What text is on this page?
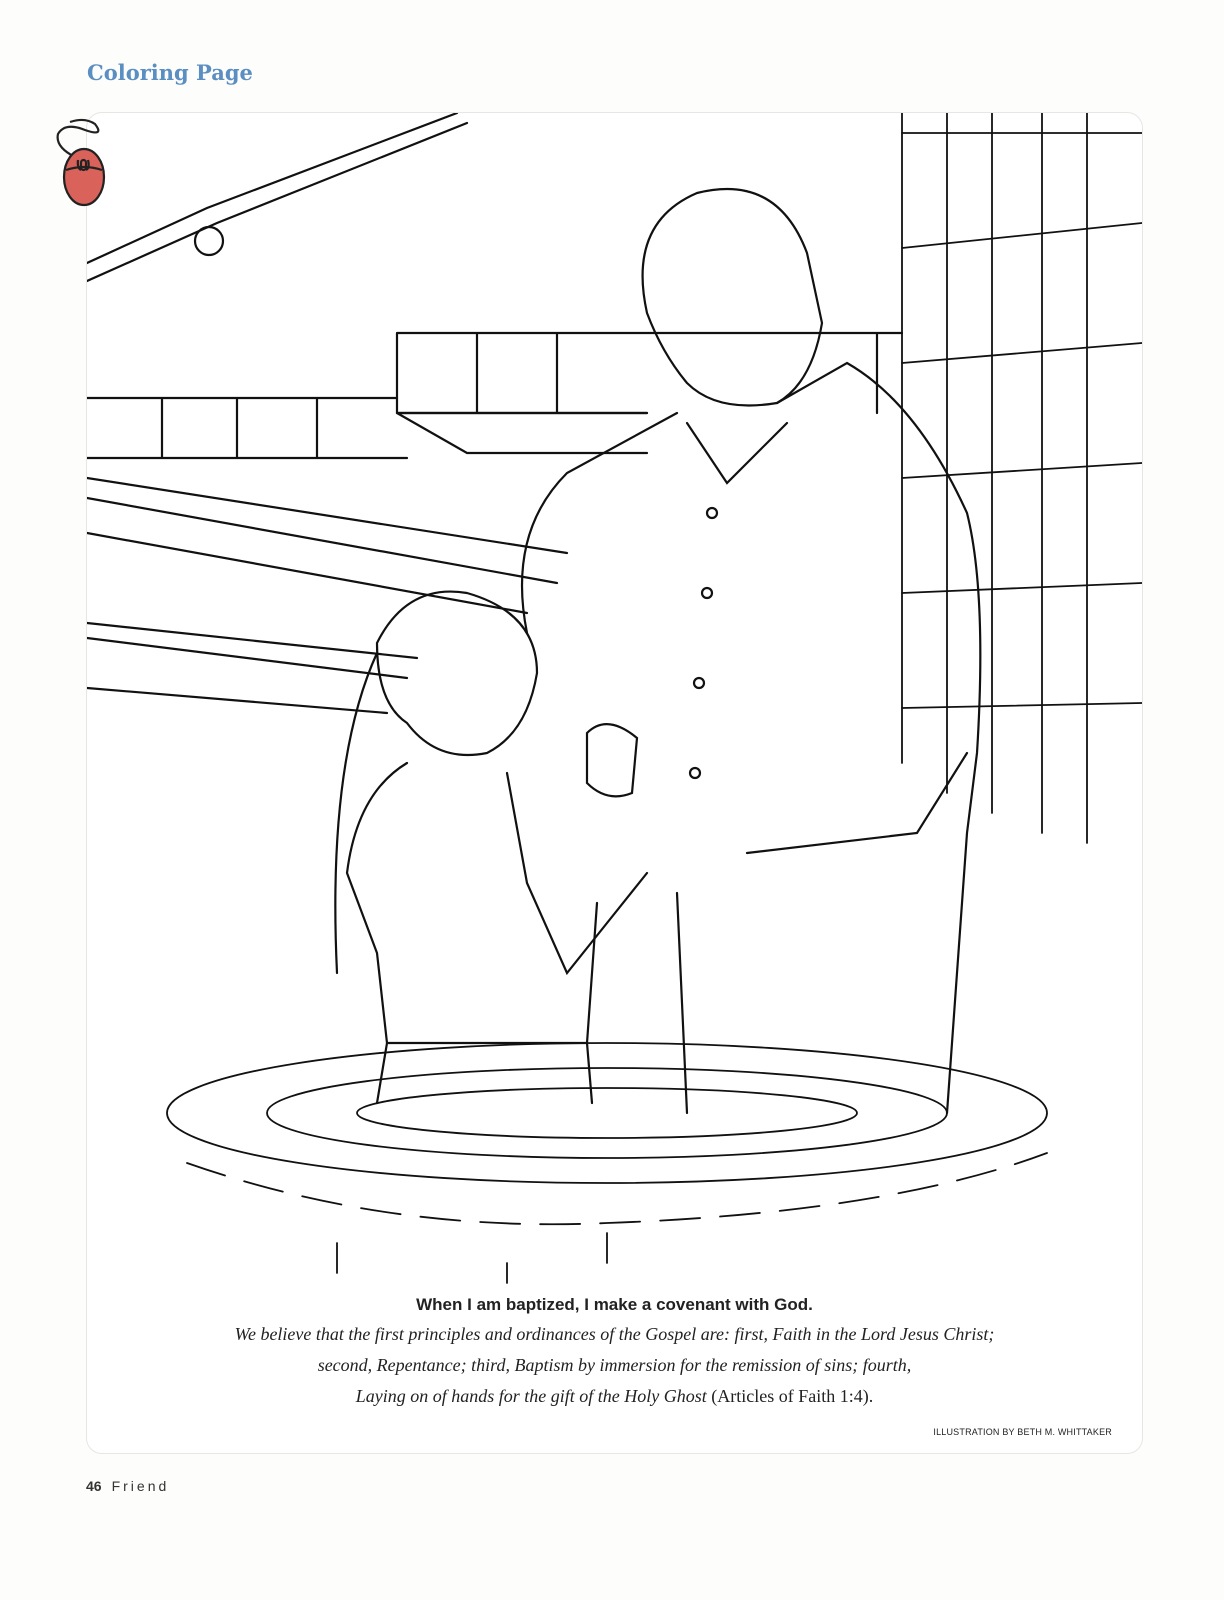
Coloring Page
When I am baptized, I make a covenant with God.
We believe that the first principles and ordinances of the Gospel are: first, Faith in the Lord Jesus Christ;
second, Repentance; third, Baptism by immersion for the remission of sins; fourth,
Laying on of hands for the gift of the Holy Ghost (Articles of Faith 1:4).
ILLUSTRATION BY BETH M. WHITTAKER
46 Friend
